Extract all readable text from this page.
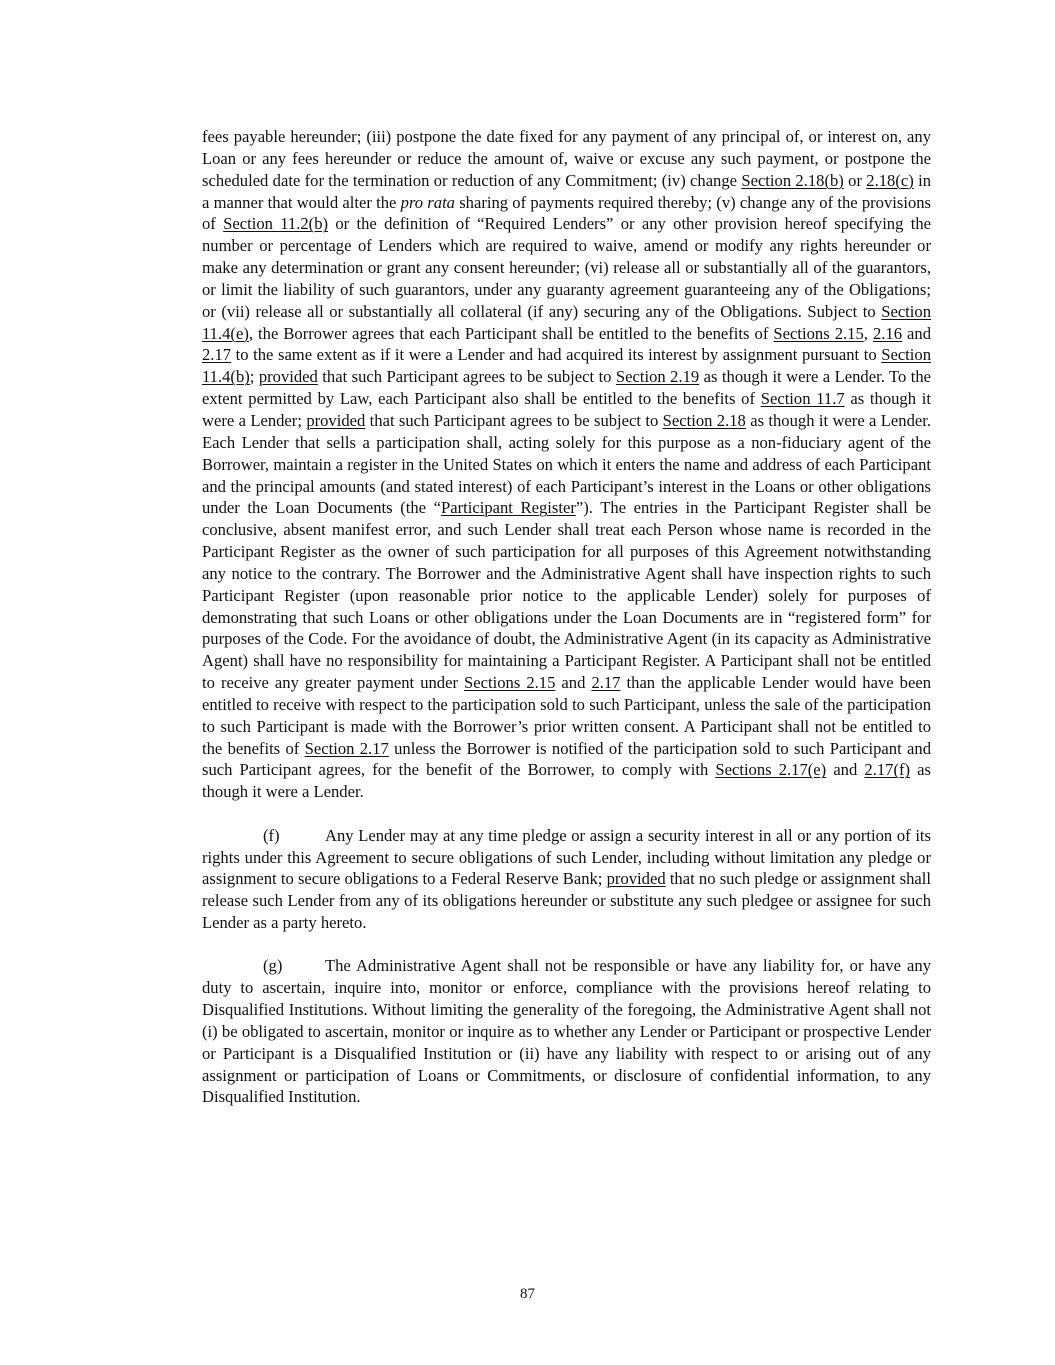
fees payable hereunder; (iii) postpone the date fixed for any payment of any principal of, or interest on, any Loan or any fees hereunder or reduce the amount of, waive or excuse any such payment, or postpone the scheduled date for the termination or reduction of any Commitment; (iv) change Section 2.18(b) or 2.18(c) in a manner that would alter the pro rata sharing of payments required thereby; (v) change any of the provisions of Section 11.2(b) or the definition of “Required Lenders” or any other provision hereof specifying the number or percentage of Lenders which are required to waive, amend or modify any rights hereunder or make any determination or grant any consent hereunder; (vi) release all or substantially all of the guarantors, or limit the liability of such guarantors, under any guaranty agreement guaranteeing any of the Obligations; or (vii) release all or substantially all collateral (if any) securing any of the Obligations. Subject to Section 11.4(e), the Borrower agrees that each Participant shall be entitled to the benefits of Sections 2.15, 2.16 and 2.17 to the same extent as if it were a Lender and had acquired its interest by assignment pursuant to Section 11.4(b); provided that such Participant agrees to be subject to Section 2.19 as though it were a Lender. To the extent permitted by Law, each Participant also shall be entitled to the benefits of Section 11.7 as though it were a Lender; provided that such Participant agrees to be subject to Section 2.18 as though it were a Lender. Each Lender that sells a participation shall, acting solely for this purpose as a non-fiduciary agent of the Borrower, maintain a register in the United States on which it enters the name and address of each Participant and the principal amounts (and stated interest) of each Participant’s interest in the Loans or other obligations under the Loan Documents (the “Participant Register”). The entries in the Participant Register shall be conclusive, absent manifest error, and such Lender shall treat each Person whose name is recorded in the Participant Register as the owner of such participation for all purposes of this Agreement notwithstanding any notice to the contrary. The Borrower and the Administrative Agent shall have inspection rights to such Participant Register (upon reasonable prior notice to the applicable Lender) solely for purposes of demonstrating that such Loans or other obligations under the Loan Documents are in “registered form” for purposes of the Code. For the avoidance of doubt, the Administrative Agent (in its capacity as Administrative Agent) shall have no responsibility for maintaining a Participant Register. A Participant shall not be entitled to receive any greater payment under Sections 2.15 and 2.17 than the applicable Lender would have been entitled to receive with respect to the participation sold to such Participant, unless the sale of the participation to such Participant is made with the Borrower’s prior written consent. A Participant shall not be entitled to the benefits of Section 2.17 unless the Borrower is notified of the participation sold to such Participant and such Participant agrees, for the benefit of the Borrower, to comply with Sections 2.17(e) and 2.17(f) as though it were a Lender.

(f)	Any Lender may at any time pledge or assign a security interest in all or any portion of its rights under this Agreement to secure obligations of such Lender, including without limitation any pledge or assignment to secure obligations to a Federal Reserve Bank; provided that no such pledge or assignment shall release such Lender from any of its obligations hereunder or substitute any such pledgee or assignee for such Lender as a party hereto.

(g)	The Administrative Agent shall not be responsible or have any liability for, or have any duty to ascertain, inquire into, monitor or enforce, compliance with the provisions hereof relating to Disqualified Institutions. Without limiting the generality of the foregoing, the Administrative Agent shall not (i) be obligated to ascertain, monitor or inquire as to whether any Lender or Participant or prospective Lender or Participant is a Disqualified Institution or (ii) have any liability with respect to or arising out of any assignment or participation of Loans or Commitments, or disclosure of confidential information, to any Disqualified Institution.

87
